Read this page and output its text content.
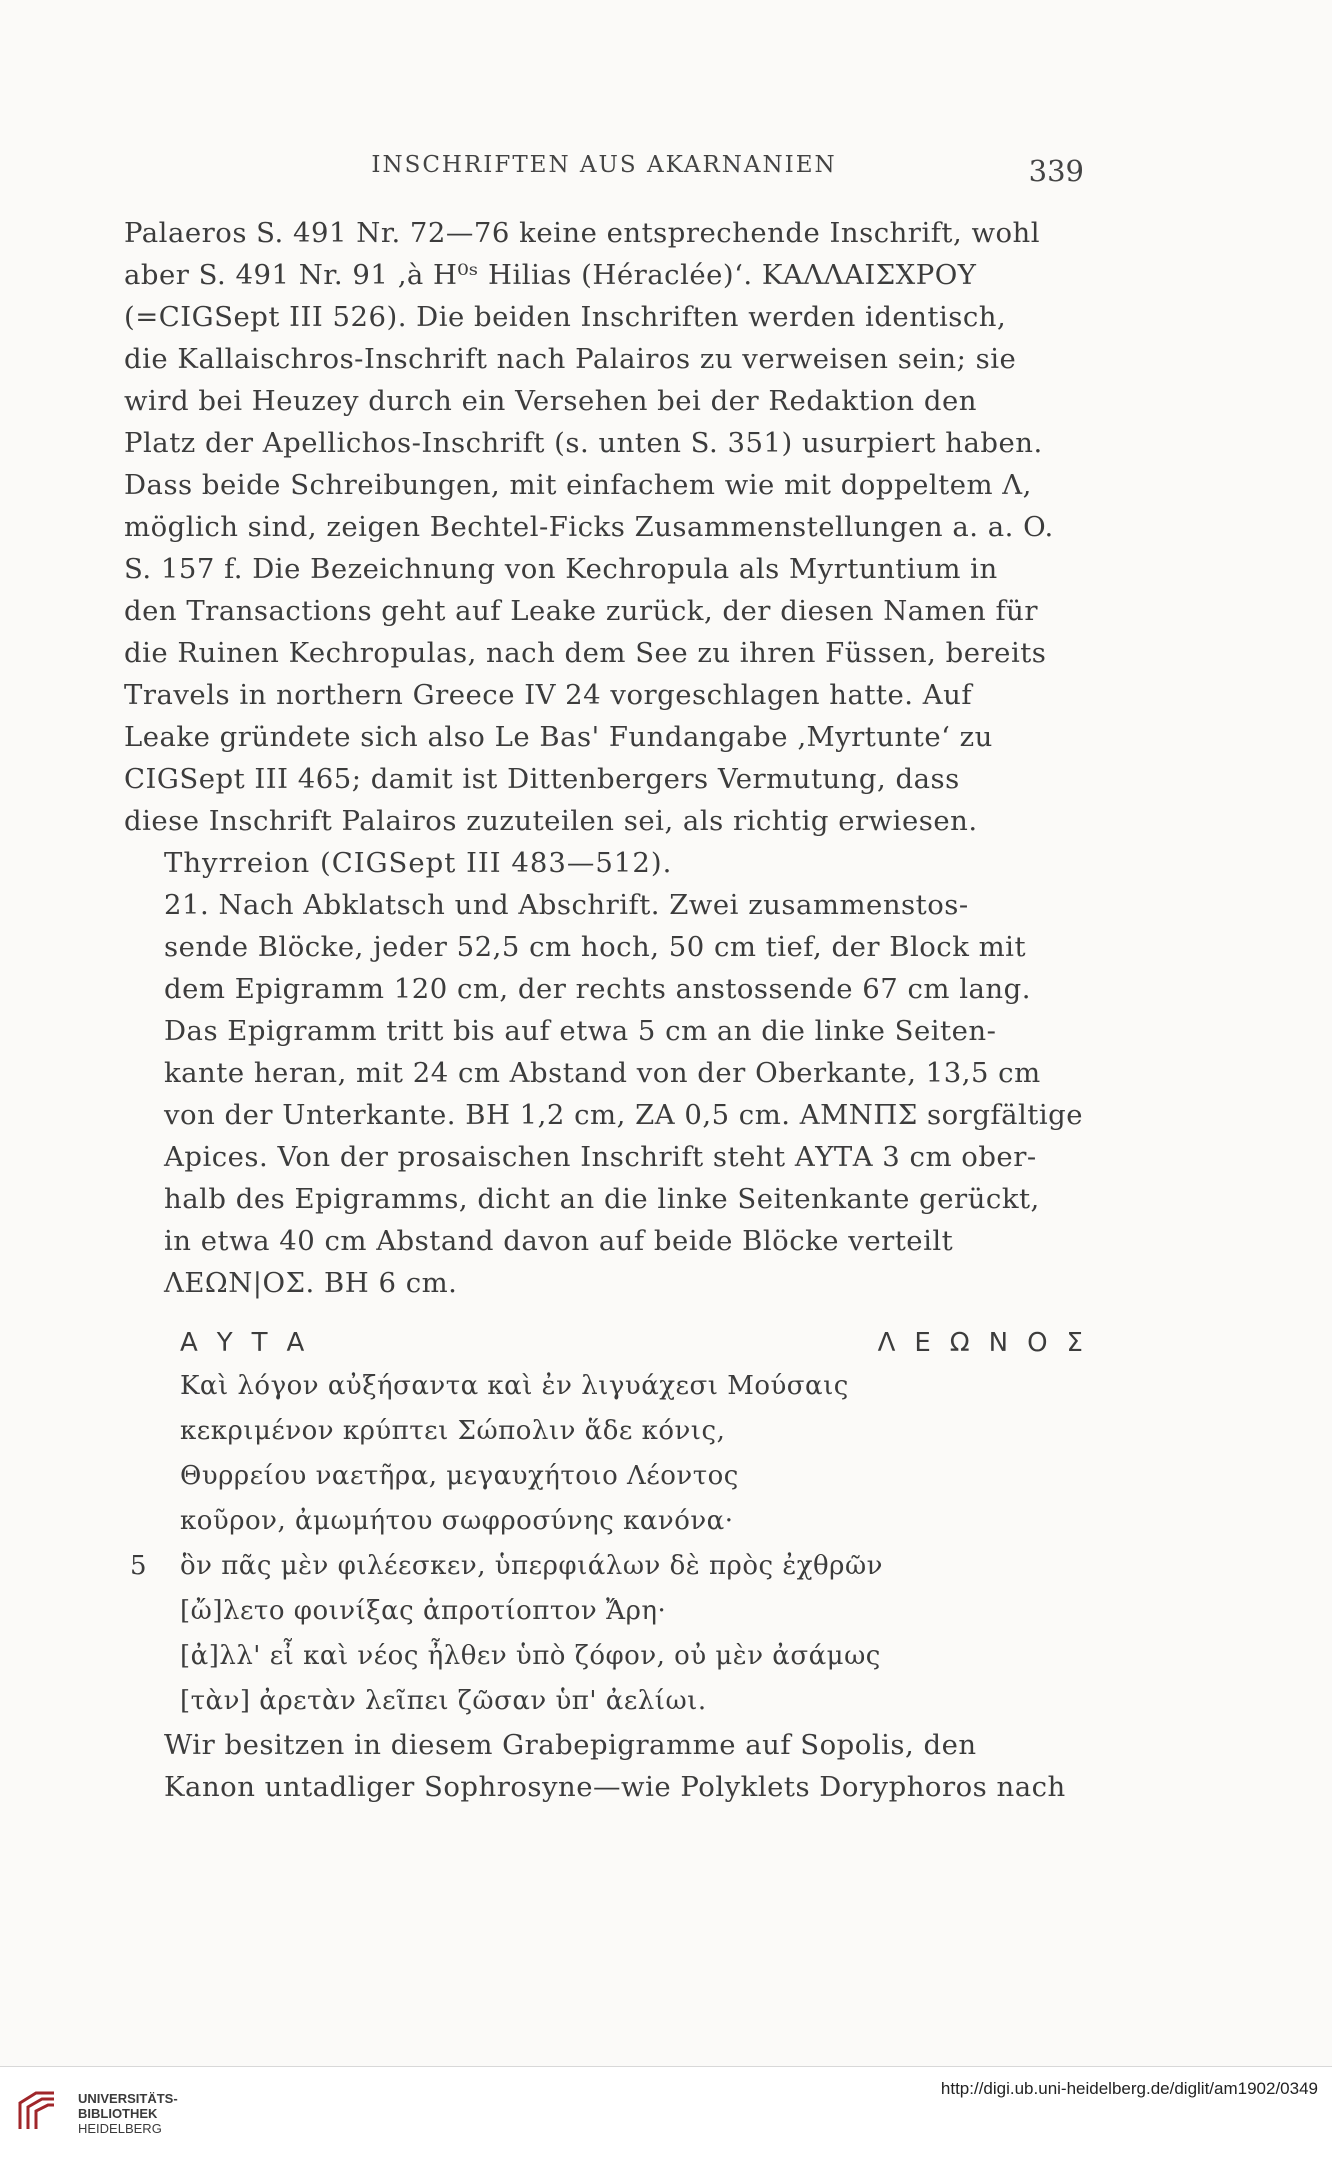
INSCHRIFTEN AUS AKARNANIEN	339

Palaeros S. 491 Nr. 72—76 keine entsprechende Inschrift, wohl
aber S. 491 Nr. 91 ‚à H⁰ˢ Hilias (Héraclée)‘. ΚΑΛΛΑΙΣΧΡΟΥ
(=CIGSept III 526). Die beiden Inschriften werden identisch,
die Kallaischros-Inschrift nach Palairos zu verweisen sein; sie
wird bei Heuzey durch ein Versehen bei der Redaktion den
Platz der Apellichos-Inschrift (s. unten S. 351) usurpiert haben.
Dass beide Schreibungen, mit einfachem wie mit doppeltem Λ,
möglich sind, zeigen Bechtel-Ficks Zusammenstellungen a. a. O.
S. 157 f. Die Bezeichnung von Kechropula als Myrtuntium in
den Transactions geht auf Leake zurück, der diesen Namen für
die Ruinen Kechropulas, nach dem See zu ihren Füssen, bereits
Travels in northern Greece IV 24 vorgeschlagen hatte. Auf
Leake gründete sich also Le Bas' Fundangabe ‚Myrtunte‘ zu
CIGSept III 465; damit ist Dittenbergers Vermutung, dass
diese Inschrift Palairos zuzuteilen sei, als richtig erwiesen.

Thyrreion (CIGSept III 483—512).

21. Nach Abklatsch und Abschrift. Zwei zusammenstos-
sende Blöcke, jeder 52,5 cm hoch, 50 cm tief, der Block mit
dem Epigramm 120 cm, der rechts anstossende 67 cm lang.
Das Epigramm tritt bis auf etwa 5 cm an die linke Seiten-
kante heran, mit 24 cm Abstand von der Oberkante, 13,5 cm
von der Unterkante. BH 1,2 cm, ZA 0,5 cm. ΑΜΝΠΣ sorgfältige
Apices. Von der prosaischen Inschrift steht ΑΥΤΑ 3 cm ober-
halb des Epigramms, dicht an die linke Seitenkante gerückt,
in etwa 40 cm Abstand davon auf beide Blöcke verteilt
ΛΕΩΝ|ΟΣ. BH 6 cm.

ΑΥΤΑ	ΛΕΩΝΟΣ
Καὶ λόγον αὐξήσαντα καὶ ἐν λιγυάχεσι Μούσαις
κεκριμένον κρύπτει Σώπολιν ἅδε κόνις,
Θυρρείου ναετῆρα, μεγαυχήτοιο Λέοντος
κοῦρον, ἀμωμήτου σωφροσύνης κανόνα·
5 ὃν πᾶς μὲν φιλέεσκεν, ὑπερφιάλων δὲ πρὸς ἐχθρῶν
[ὤ]λετο φοινίξας ἀπροτίοπτον Ἄρη·
[ἀ]λλ' εἶ καὶ νέος ἦλθεν ὑπὸ ζόφον, οὐ μὲν ἀσάμως
[τὰν] ἀρετὰν λεῖπει ζῶσαν ὑπ' ἀελίωι.

Wir besitzen in diesem Grabepigramme auf Sopolis, den
Kanon untadliger Sophrosyne—wie Polyklets Doryphoros nach

UNIVERSITÄTS-
BIBLIOTHEK
HEIDELBERG
http://digi.ub.uni-heidelberg.de/diglit/am1902/0349
